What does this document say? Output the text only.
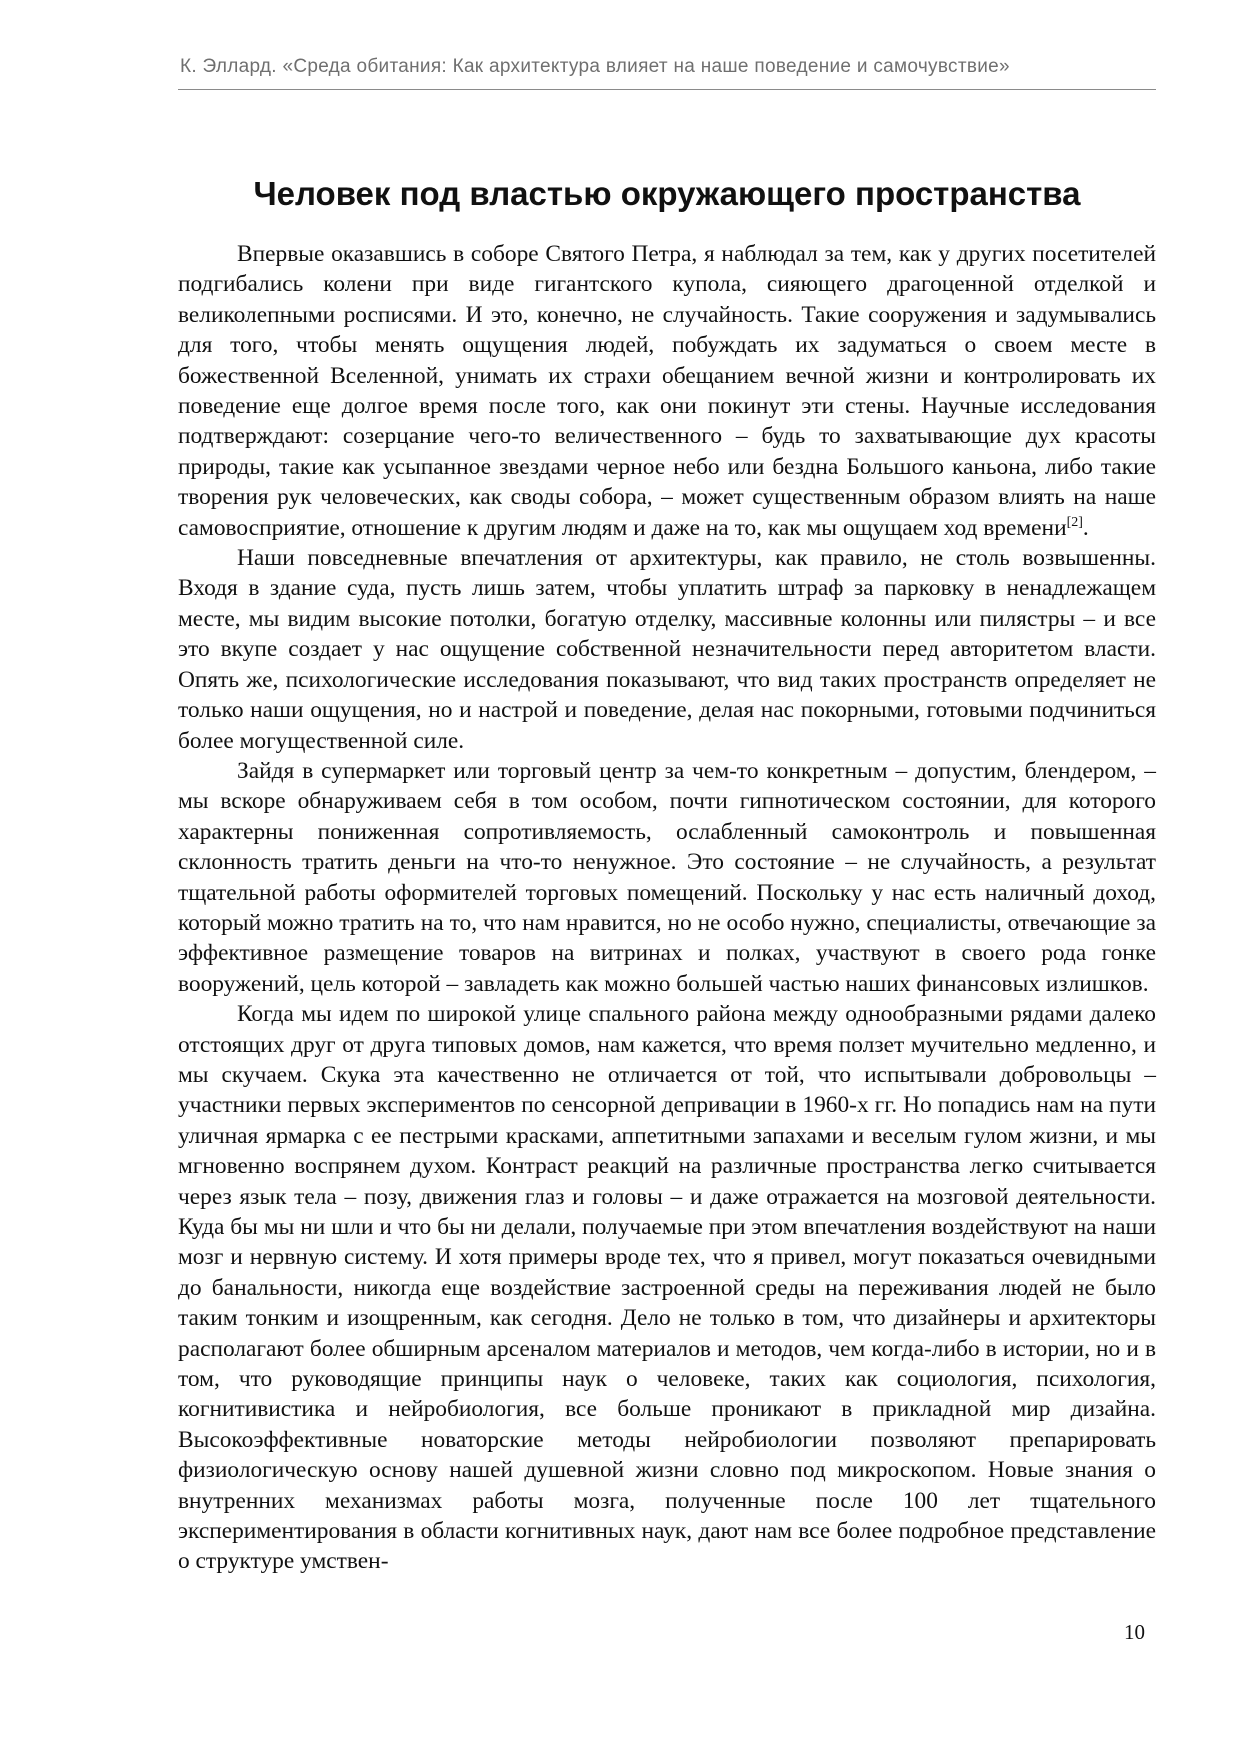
К. Эллард. «Среда обитания: Как архитектура влияет на наше поведение и самочувствие»
Человек под властью окружающего пространства

Впервые оказавшись в соборе Святого Петра, я наблюдал за тем, как у других посетителей подгибались колени при виде гигантского купола, сияющего драгоценной отделкой и великолепными росписями. И это, конечно, не случайность. Такие сооружения и задумывались для того, чтобы менять ощущения людей, побуждать их задуматься о своем месте в божественной Вселенной, унимать их страхи обещанием вечной жизни и контролировать их поведение еще долгое время после того, как они покинут эти стены. Научные исследования подтверждают: созерцание чего-то величественного – будь то захватывающие дух красоты природы, такие как усыпанное звездами черное небо или бездна Большого каньона, либо такие творения рук человеческих, как своды собора, – может существенным образом влиять на наше самовосприятие, отношение к другим людям и даже на то, как мы ощущаем ход времени[2].

Наши повседневные впечатления от архитектуры, как правило, не столь возвышенны. Входя в здание суда, пусть лишь затем, чтобы уплатить штраф за парковку в ненадлежащем месте, мы видим высокие потолки, богатую отделку, массивные колонны или пилястры – и все это вкупе создает у нас ощущение собственной незначительности перед авторитетом власти. Опять же, психологические исследования показывают, что вид таких пространств определяет не только наши ощущения, но и настрой и поведение, делая нас покорными, готовыми подчиниться более могущественной силе.

Зайдя в супермаркет или торговый центр за чем-то конкретным – допустим, блендером, – мы вскоре обнаруживаем себя в том особом, почти гипнотическом состоянии, для которого характерны пониженная сопротивляемость, ослабленный самоконтроль и повышенная склонность тратить деньги на что-то ненужное. Это состояние – не случайность, а результат тщательной работы оформителей торговых помещений. Поскольку у нас есть наличный доход, который можно тратить на то, что нам нравится, но не особо нужно, специалисты, отвечающие за эффективное размещение товаров на витринах и полках, участвуют в своего рода гонке вооружений, цель которой – завладеть как можно большей частью наших финансовых излишков.

Когда мы идем по широкой улице спального района между однообразными рядами далеко отстоящих друг от друга типовых домов, нам кажется, что время ползет мучительно медленно, и мы скучаем. Скука эта качественно не отличается от той, что испытывали добровольцы – участники первых экспериментов по сенсорной депривации в 1960-х гг. Но попадись нам на пути уличная ярмарка с ее пестрыми красками, аппетитными запахами и веселым гулом жизни, и мы мгновенно воспрянем духом. Контраст реакций на различные пространства легко считывается через язык тела – позу, движения глаз и головы – и даже отражается на мозговой деятельности. Куда бы мы ни шли и что бы ни делали, получаемые при этом впечатления воздействуют на наши мозг и нервную систему. И хотя примеры вроде тех, что я привел, могут показаться очевидными до банальности, никогда еще воздействие застроенной среды на переживания людей не было таким тонким и изощренным, как сегодня. Дело не только в том, что дизайнеры и архитекторы располагают более обширным арсеналом материалов и методов, чем когда-либо в истории, но и в том, что руководящие принципы наук о человеке, таких как социология, психология, когнитивистика и нейробиология, все больше проникают в прикладной мир дизайна. Высокоэффективные новаторские методы нейробиологии позволяют препарировать физиологическую основу нашей душевной жизни словно под микроскопом. Новые знания о внутренних механизмах работы мозга, полученные после 100 лет тщательного экспериментирования в области когнитивных наук, дают нам все более подробное представление о структуре умствен-

10
